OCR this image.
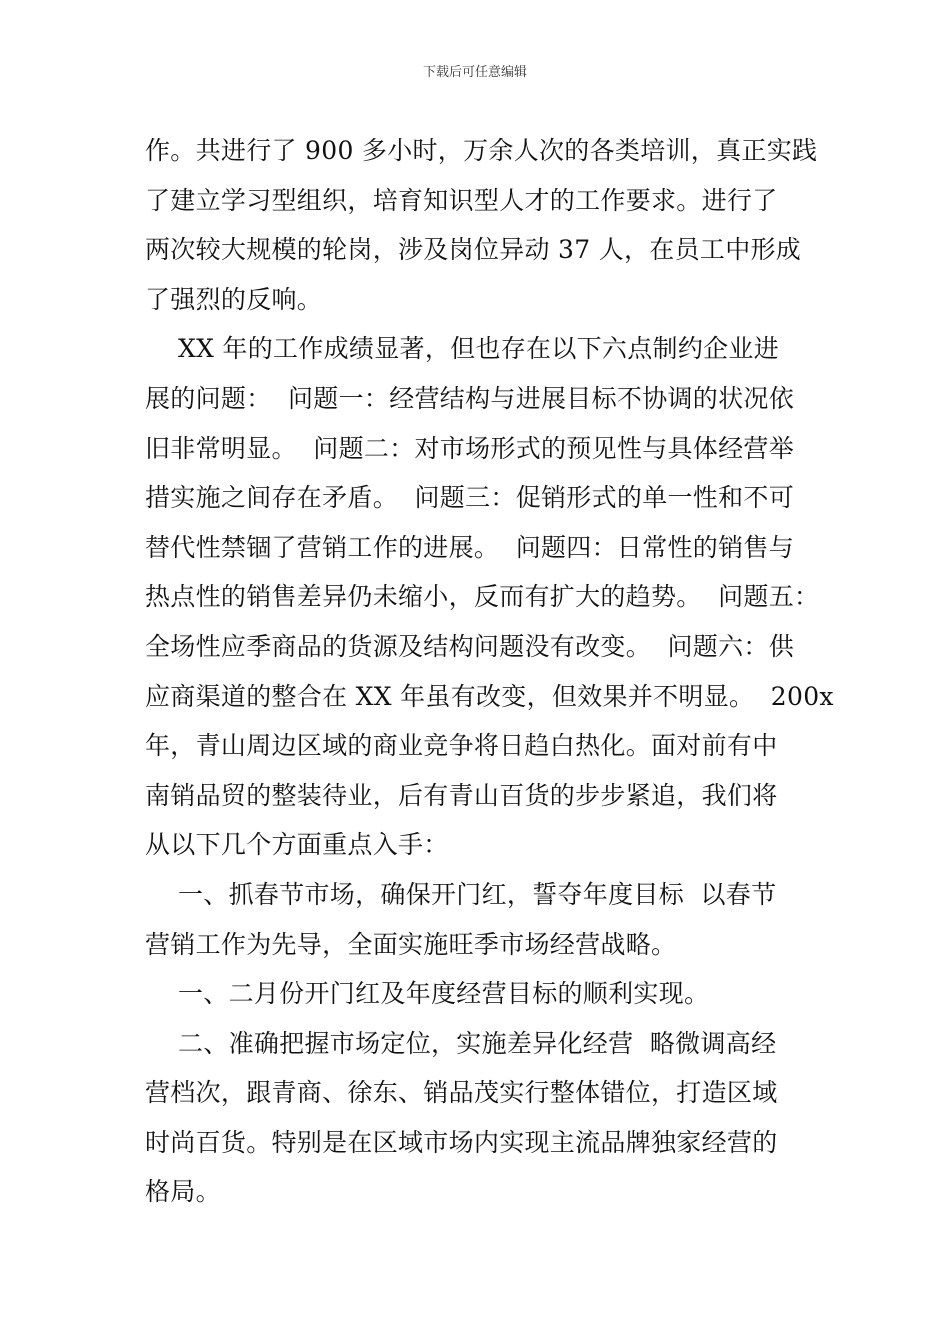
下载后可任意编辑
作。共进行了 900 多小时，万余人次的各类培训，真正实践
了建立学习型组织，培育知识型人才的工作要求。进行了
两次较大规模的轮岗，涉及岗位异动 37 人，在员工中形成
了强烈的反响。
XX 年的工作成绩显著，但也存在以下六点制约企业进
展的问题：  问题一：经营结构与进展目标不协调的状况依
旧非常明显。  问题二：对市场形式的预见性与具体经营举
措实施之间存在矛盾。  问题三：促销形式的单一性和不可
替代性禁锢了营销工作的进展。  问题四：日常性的销售与
热点性的销售差异仍未缩小，反而有扩大的趋势。  问题五：
全场性应季商品的货源及结构问题没有改变。  问题六：供
应商渠道的整合在 XX 年虽有改变，但效果并不明显。  200x
年，青山周边区域的商业竞争将日趋白热化。面对前有中
南销品贸的整装待业，后有青山百货的步步紧追，我们将
从以下几个方面重点入手：
一、抓春节市场，确保开门红，誓夺年度目标  以春节
营销工作为先导，全面实施旺季市场经营战略。
一、二月份开门红及年度经营目标的顺利实现。
二、准确把握市场定位，实施差异化经营  略微调高经
营档次，跟青商、徐东、销品茂实行整体错位，打造区域
时尚百货。特别是在区域市场内实现主流品牌独家经营的
格局。
